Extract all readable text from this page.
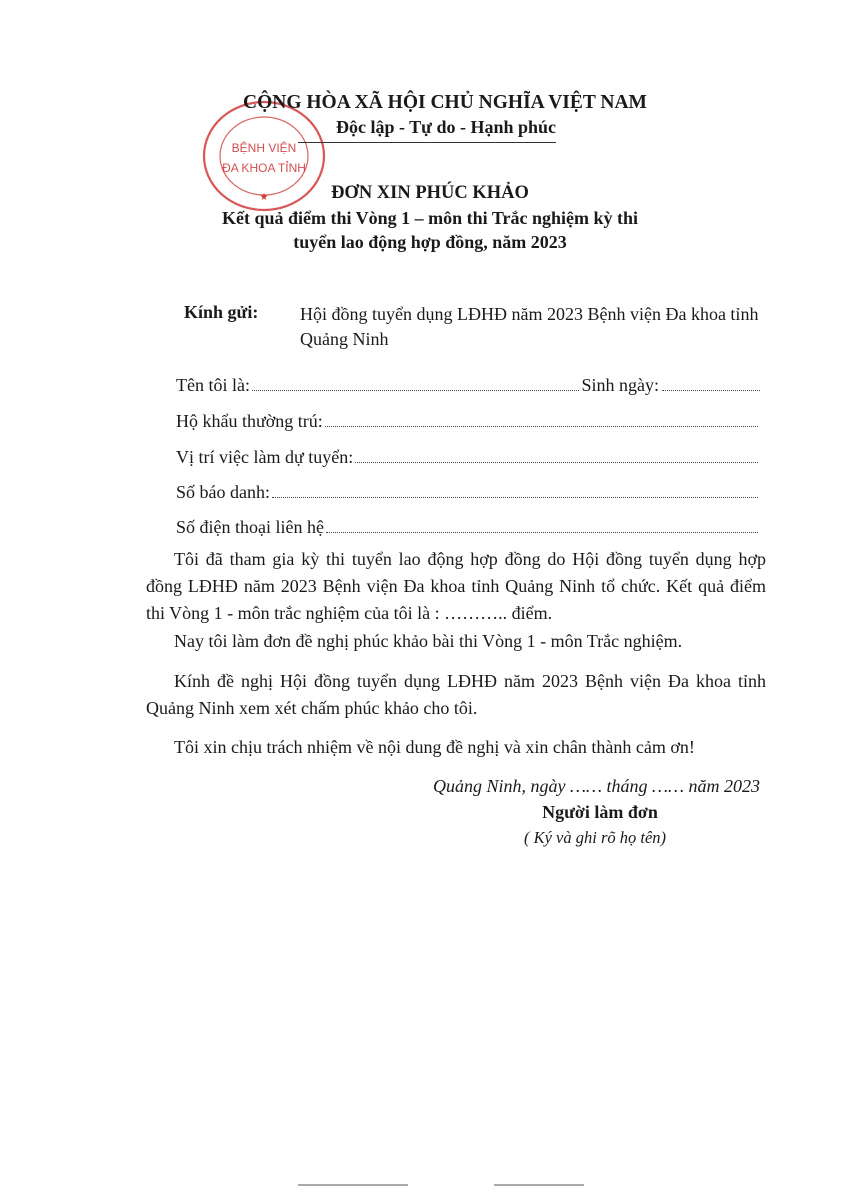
BỆNH VIỆN
ĐA KHOA TỈNH
★
CỘNG HÒA XÃ HỘI CHỦ NGHĨA VIỆT NAM
Độc lập - Tự do - Hạnh phúc
ĐƠN XIN PHÚC KHẢO
Kết quả điểm thi Vòng 1 – môn thi Trắc nghiệm kỳ thi
tuyển lao động hợp đồng, năm 2023
Kính gửi: Hội đồng tuyển dụng LĐHĐ năm 2023 Bệnh viện Đa khoa tỉnh Quảng Ninh
Tên tôi là:	Sinh ngày:
Hộ khẩu thường trú:
Vị trí việc làm dự tuyển:
Số báo danh:
Số điện thoại liên hệ
Tôi đã tham gia kỳ thi tuyển lao động hợp đồng do Hội đồng tuyển dụng hợp đồng LĐHĐ năm 2023 Bệnh viện Đa khoa tỉnh Quảng Ninh tổ chức. Kết quả điểm thi Vòng 1 - môn trắc nghiệm của tôi là : ……….. điểm.
Nay tôi làm đơn đề nghị phúc khảo bài thi Vòng 1 - môn Trắc nghiệm.
Kính đề nghị Hội đồng tuyển dụng LĐHĐ năm 2023 Bệnh viện Đa khoa tỉnh Quảng Ninh xem xét chấm phúc khảo cho tôi.
Tôi xin chịu trách nhiệm về nội dung đề nghị và xin chân thành cảm ơn!
Quảng Ninh, ngày …… tháng …… năm 2023
Người làm đơn
( Ký và ghi rõ họ tên)
